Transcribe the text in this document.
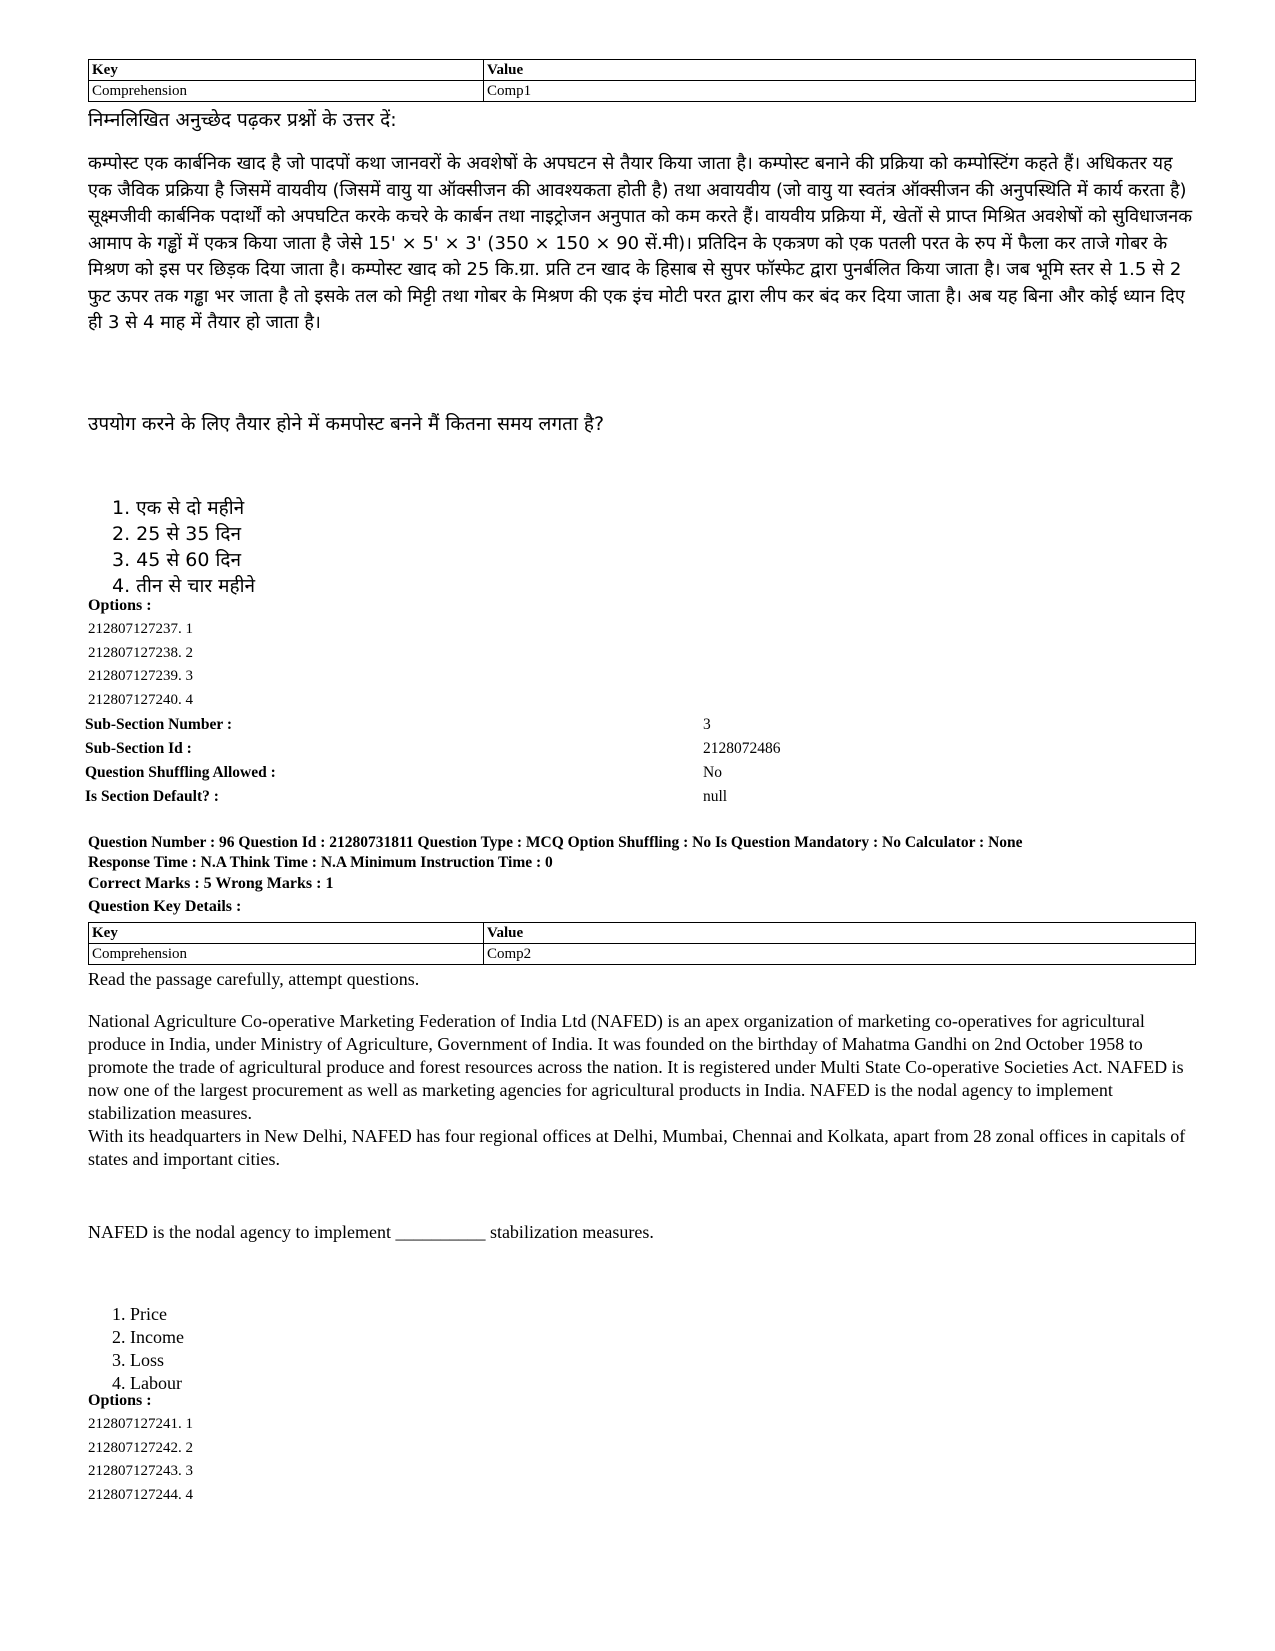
Key	Value
Comprehension	Comp1
निम्नलिखित अनुच्छेद पढ़कर प्रश्नों के उत्तर दें:
कम्पोस्ट एक कार्बनिक खाद है जो पादपों कथा जानवरों के अवशेषों के अपघटन से तैयार किया जाता है। कम्पोस्ट बनाने की प्रक्रिया को कम्पोस्टिंग कहते हैं। अधिकतर यह एक जैविक प्रक्रिया है जिसमें वायवीय (जिसमें वायु या ऑक्सीजन की आवश्यकता होती है) तथा अवायवीय (जो वायु या स्वतंत्र ऑक्सीजन की अनुपस्थिति में कार्य करता है) सूक्ष्मजीवी कार्बनिक पदार्थों को अपघटित करके कचरे के कार्बन तथा नाइट्रोजन अनुपात को कम करते हैं। वायवीय प्रक्रिया में, खेतों से प्राप्त मिश्रित अवशेषों को सुविधाजनक आमाप के गड्ढों में एकत्र किया जाता है जेसे 15' × 5' × 3' (350 × 150 × 90 सें.मी)। प्रतिदिन के एकत्रण को एक पतली परत के रुप में फैला कर ताजे गोबर के मिश्रण को इस पर छिड़क दिया जाता है। कम्पोस्ट खाद को 25 कि.ग्रा. प्रति टन खाद के हिसाब से सुपर फॉस्फेट द्वारा पुनर्बलित किया जाता है। जब भूमि स्तर से 1.5 से 2 फुट ऊपर तक गड्ढा भर जाता है तो इसके तल को मिट्टी तथा गोबर के मिश्रण की एक इंच मोटी परत द्वारा लीप कर बंद कर दिया जाता है। अब यह बिना और कोई ध्यान दिए ही 3 से 4 माह में तैयार हो जाता है।
उपयोग करने के लिए तैयार होने में कमपोस्ट बनने मैं कितना समय लगता है?
1. एक से दो महीने
2. 25 से 35 दिन
3. 45 से 60 दिन
4. तीन से चार महीने
Options :
212807127237. 1
212807127238. 2
212807127239. 3
212807127240. 4
Sub-Section Number :	3
Sub-Section Id :	2128072486
Question Shuffling Allowed :	No
Is Section Default? :	null
Question Number : 96 Question Id : 21280731811 Question Type : MCQ Option Shuffling : No Is Question Mandatory : No Calculator : None
Response Time : N.A Think Time : N.A Minimum Instruction Time : 0
Correct Marks : 5 Wrong Marks : 1
Question Key Details :
Key	Value
Comprehension	Comp2
Read the passage carefully, attempt questions.
National Agriculture Co-operative Marketing Federation of India Ltd (NAFED) is an apex organization of marketing co-operatives for agricultural produce in India, under Ministry of Agriculture, Government of India. It was founded on the birthday of Mahatma Gandhi on 2nd October 1958 to promote the trade of agricultural produce and forest resources across the nation. It is registered under Multi State Co-operative Societies Act. NAFED is now one of the largest procurement as well as marketing agencies for agricultural products in India. NAFED is the nodal agency to implement stabilization measures.
With its headquarters in New Delhi, NAFED has four regional offices at Delhi, Mumbai, Chennai and Kolkata, apart from 28 zonal offices in capitals of states and important cities.
NAFED is the nodal agency to implement __________ stabilization measures.
1. Price
2. Income
3. Loss
4. Labour
Options :
212807127241. 1
212807127242. 2
212807127243. 3
212807127244. 4
